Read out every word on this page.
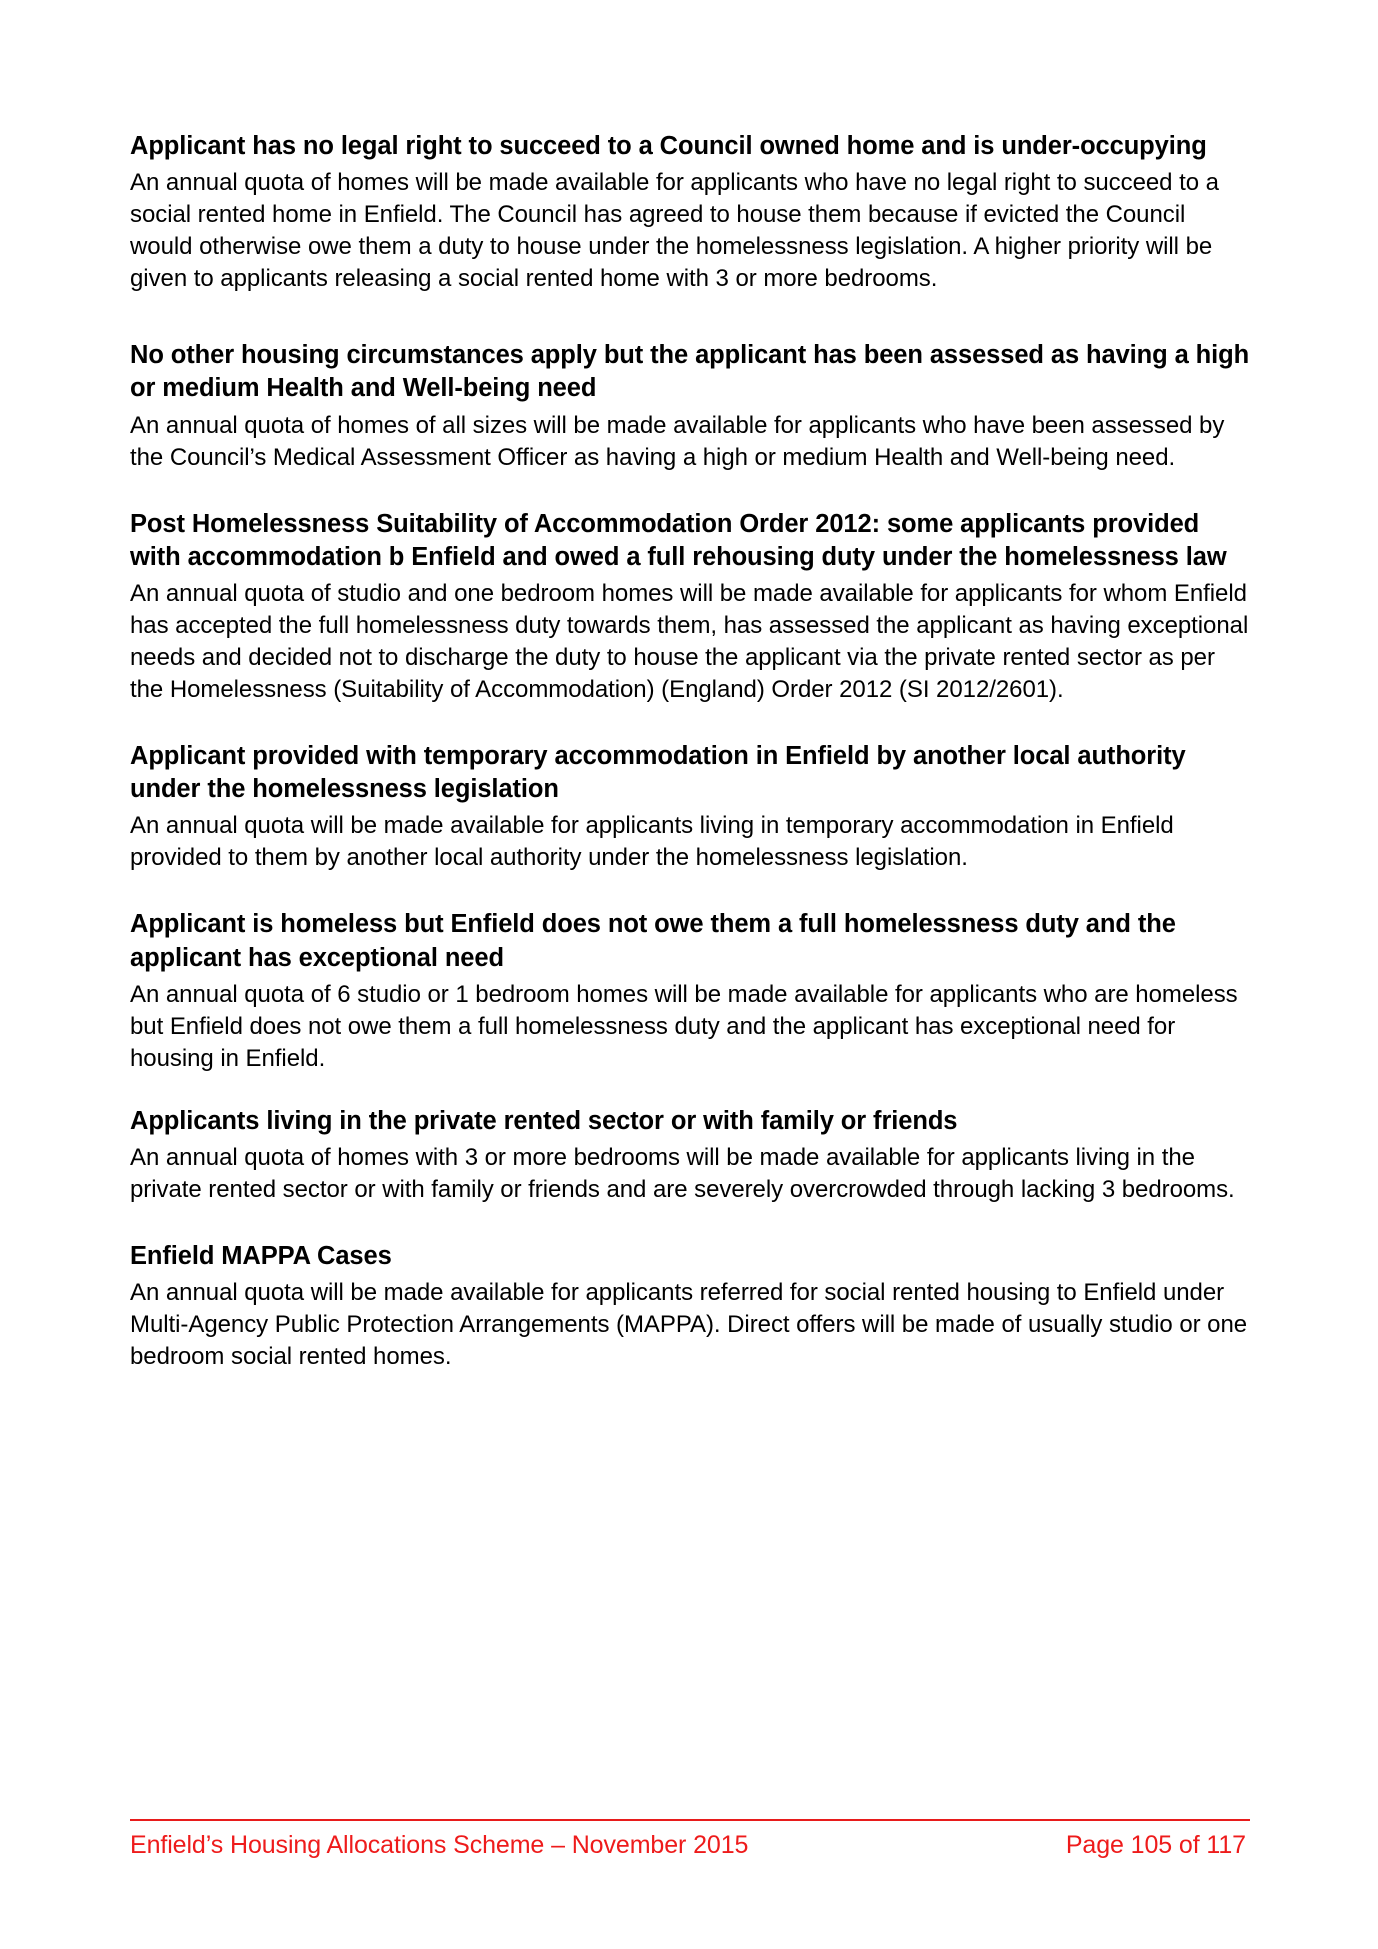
Applicant has no legal right to succeed to a Council owned home and is under-occupying

An annual quota of homes will be made available for applicants who have no legal right to succeed to a social rented home in Enfield. The Council has agreed to house them because if evicted the Council would otherwise owe them a duty to house under the homelessness legislation. A higher priority will be given to applicants releasing a social rented home with 3 or more bedrooms.

No other housing circumstances apply but the applicant has been assessed as having a high or medium Health and Well-being need

An annual quota of homes of all sizes will be made available for applicants who have been assessed by the Council’s Medical Assessment Officer as having a high or medium Health and Well-being need.

Post Homelessness Suitability of Accommodation Order 2012: some applicants provided with accommodation b Enfield and owed a full rehousing duty under the homelessness law

An annual quota of studio and one bedroom homes will be made available for applicants for whom Enfield has accepted the full homelessness duty towards them, has assessed the applicant as having exceptional needs and decided not to discharge the duty to house the applicant via the private rented sector as per the Homelessness (Suitability of Accommodation) (England) Order 2012 (SI 2012/2601).

Applicant provided with temporary accommodation in Enfield by another local authority under the homelessness legislation

An annual quota will be made available for applicants living in temporary accommodation in Enfield provided to them by another local authority under the homelessness legislation.

Applicant is homeless but Enfield does not owe them a full homelessness duty and the applicant has exceptional need

An annual quota of 6 studio or 1 bedroom homes will be made available for applicants who are homeless but Enfield does not owe them a full homelessness duty and the applicant has exceptional need for housing in Enfield.

Applicants living in the private rented sector or with family or friends

An annual quota of homes with 3 or more bedrooms will be made available for applicants living in the private rented sector or with family or friends and are severely overcrowded through lacking 3 bedrooms.

Enfield MAPPA Cases

An annual quota will be made available for applicants referred for social rented housing to Enfield under Multi-Agency Public Protection Arrangements (MAPPA). Direct offers will be made of usually studio or one bedroom social rented homes.

Enfield’s Housing Allocations Scheme – November 2015	Page 105 of 117
